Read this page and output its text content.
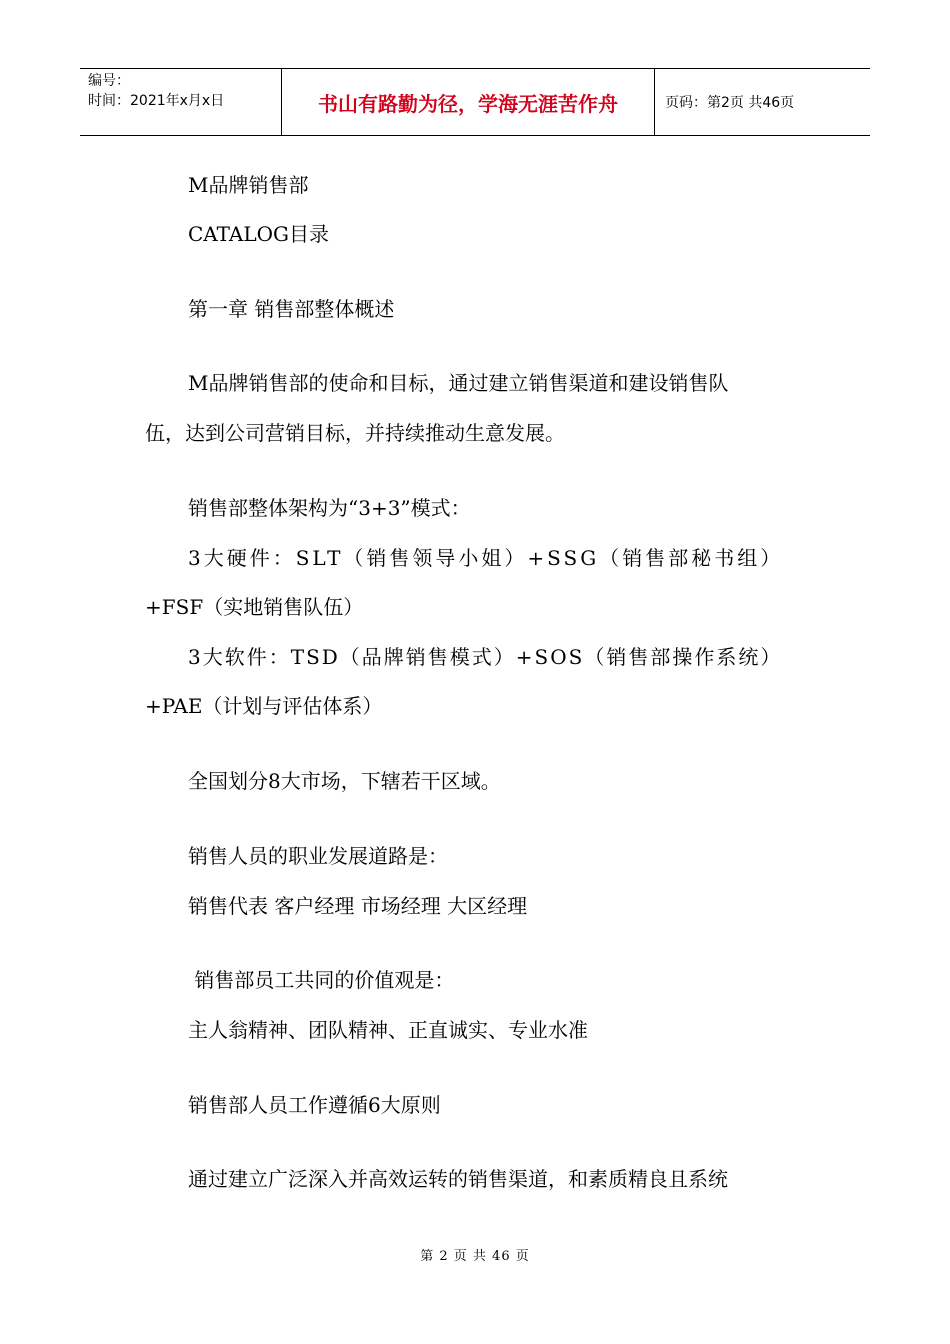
编号：
时间：2021年x月x日	书山有路勤为径，学海无涯苦作舟	页码：第2页 共46页
M品牌销售部
CATALOG目录
第一章 销售部整体概述
M品牌销售部的使命和目标，通过建立销售渠道和建设销售队
伍，达到公司营销目标，并持续推动生意发展。
销售部整体架构为“3+3”模式：
3大硬件：SLT（销售领导小姐）+SSG（销售部秘书组）
+FSF（实地销售队伍）
3大软件：TSD（品牌销售模式）+SOS（销售部操作系统）
+PAE（计划与评估体系）
全国划分8大市场，下辖若干区域。
销售人员的职业发展道路是：
销售代表 客户经理 市场经理 大区经理
销售部员工共同的价值观是：
主人翁精神、团队精神、正直诚实、专业水准
销售部人员工作遵循6大原则
通过建立广泛深入并高效运转的销售渠道，和素质精良且系统
第 2 页 共 46 页
